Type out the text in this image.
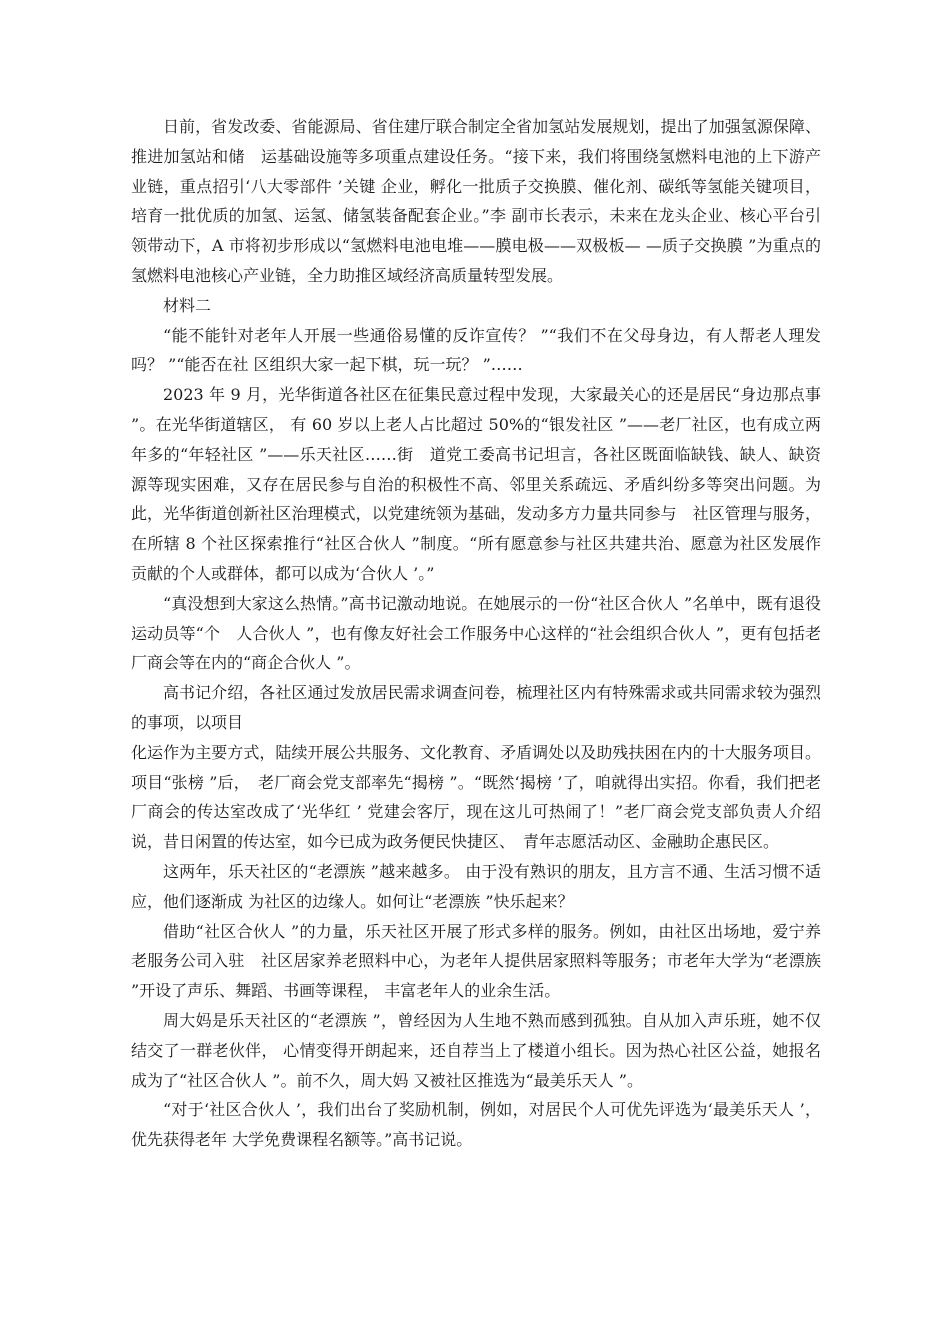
日前，省发改委、省能源局、省住建厅联合制定全省加氢站发展规划，提出了加强氢源保障、推进加氢站和储　运基础设施等多项重点建设任务。“接下来，我们将围绕氢燃料电池的上下游产业链，重点招引‘八大零部件 ’关键 企业，孵化一批质子交换膜、催化剂、碳纸等氢能关键项目，培育一批优质的加氢、运氢、储氢装备配套企业。”李 副市长表示，未来在龙头企业、核心平台引领带动下，A 市将初步形成以“氢燃料电池电堆——膜电极——双极板— —质子交换膜 ”为重点的氢燃料电池核心产业链，全力助推区域经济高质量转型发展。

材料二

“能不能针对老年人开展一些通俗易懂的反诈宣传？ ”“我们不在父母身边，有人帮老人理发吗？ ”“能否在社 区组织大家一起下棋，玩一玩？ ”……

2023 年 9 月，光华街道各社区在征集民意过程中发现，大家最关心的还是居民“身边那点事 ”。在光华街道辖区， 有 60 岁以上老人占比超过 50%的“银发社区 ”——老厂社区，也有成立两年多的“年轻社区 ”——乐天社区……街　道党工委高书记坦言，各社区既面临缺钱、缺人、缺资源等现实困难，又存在居民参与自治的积极性不高、邻里关系疏远、矛盾纠纷多等突出问题。为此，光华街道创新社区治理模式，以党建统领为基础，发动多方力量共同参与　社区管理与服务，在所辖 8 个社区探索推行“社区合伙人 ”制度。“所有愿意参与社区共建共治、愿意为社区发展作 贡献的个人或群体，都可以成为‘合伙人 ’。”

“真没想到大家这么热情。”高书记激动地说。在她展示的一份“社区合伙人 ”名单中，既有退役运动员等“个　人合伙人 ”，也有像友好社会工作服务中心这样的“社会组织合伙人 ”，更有包括老厂商会等在内的“商企合伙人 ”。

高书记介绍，各社区通过发放居民需求调查问卷，梳理社区内有特殊需求或共同需求较为强烈的事项，以项目

化运作为主要方式，陆续开展公共服务、文化教育、矛盾调处以及助残扶困在内的十大服务项目。项目“张榜 ”后，　老厂商会党支部率先“揭榜 ”。“既然‘揭榜 ’了，咱就得出实招。你看，我们把老厂商会的传达室改成了‘光华红 ’ 党建会客厅，现在这儿可热闹了！”老厂商会党支部负责人介绍说，昔日闲置的传达室，如今已成为政务便民快捷区、　青年志愿活动区、金融助企惠民区。

这两年，乐天社区的“老漂族 ”越来越多。 由于没有熟识的朋友，且方言不通、生活习惯不适应，他们逐渐成 为社区的边缘人。如何让“老漂族 ”快乐起来？

借助“社区合伙人 ”的力量，乐天社区开展了形式多样的服务。例如，由社区出场地，爱宁养老服务公司入驻　社区居家养老照料中心，为老年人提供居家照料等服务；市老年大学为“老漂族 ”开设了声乐、舞蹈、书画等课程， 丰富老年人的业余生活。

周大妈是乐天社区的“老漂族 ”，曾经因为人生地不熟而感到孤独。自从加入声乐班，她不仅结交了一群老伙伴， 心情变得开朗起来，还自荐当上了楼道小组长。因为热心社区公益，她报名成为了“社区合伙人 ”。前不久，周大妈 又被社区推选为“最美乐天人 ”。

“对于‘社区合伙人 ’，我们出台了奖励机制，例如，对居民个人可优先评选为‘最美乐天人 ’，优先获得老年 大学免费课程名额等。”高书记说。
